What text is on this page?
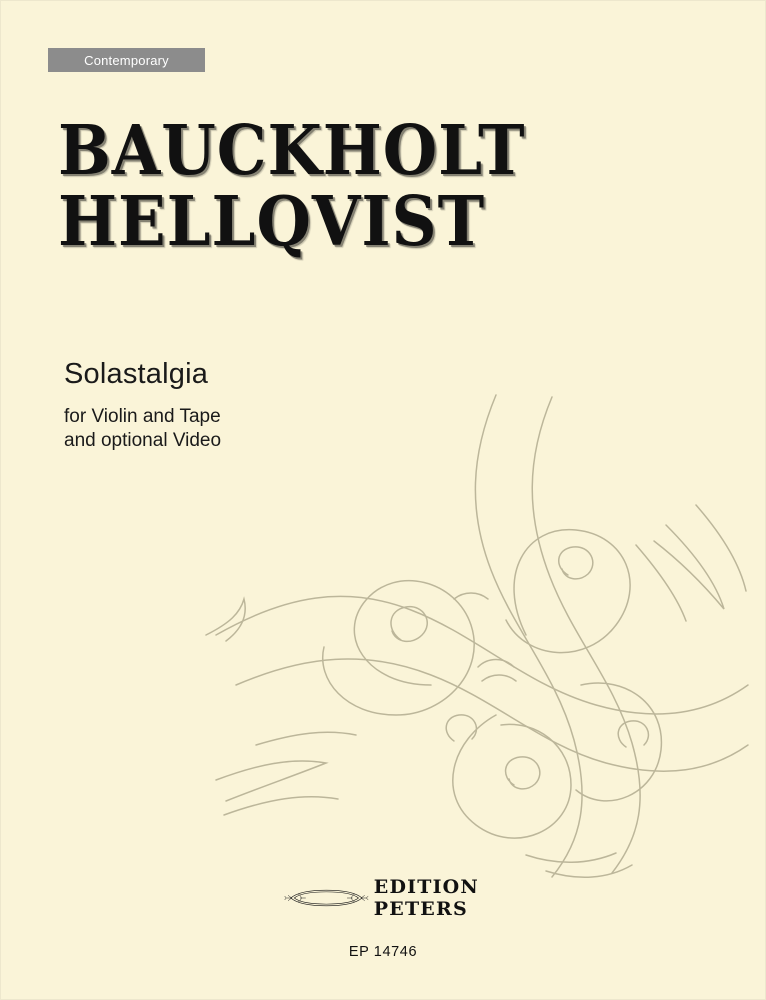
Contemporary
BAUCKHOLT
HELLQVIST
Solastalgia
for Violin and Tape
and optional Video
EDITION PETERS
EP 14746
